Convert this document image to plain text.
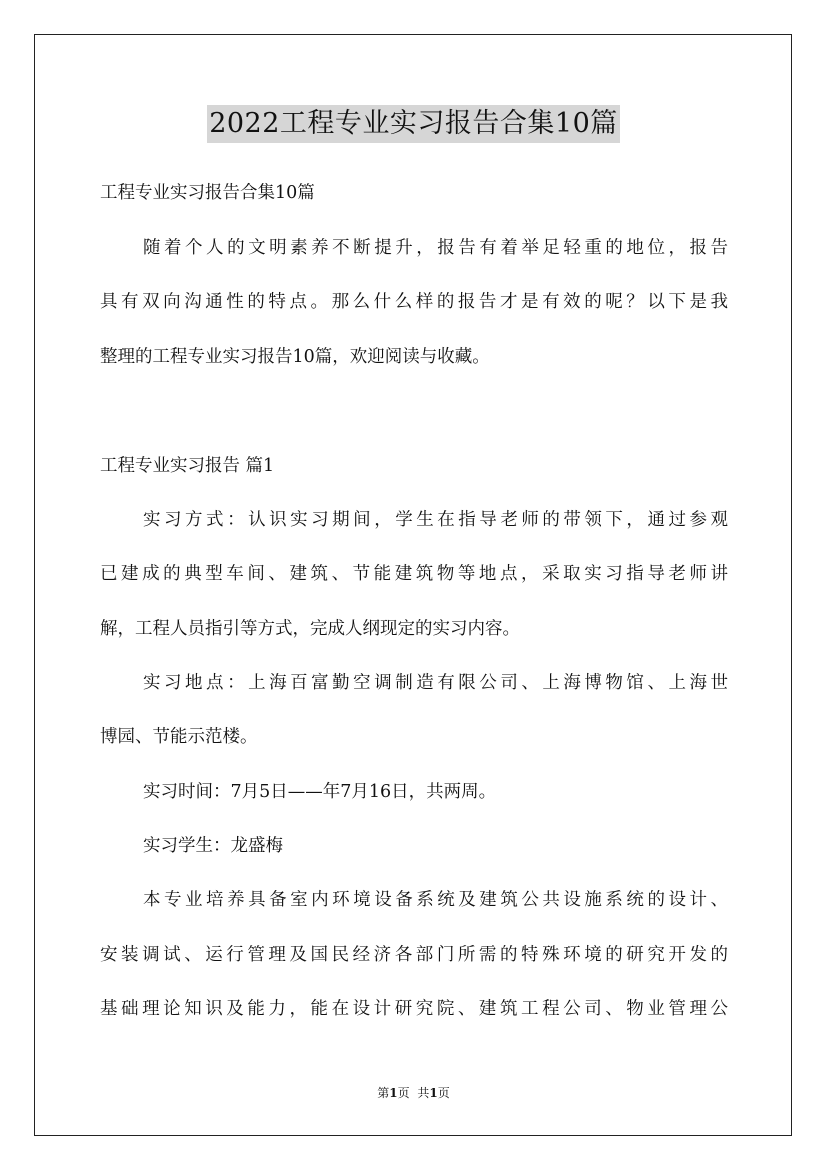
2022工程专业实习报告合集10篇

工程专业实习报告合集10篇

随着个人的文明素养不断提升，报告有着举足轻重的地位，报告

具有双向沟通性的特点。那么什么样的报告才是有效的呢？以下是我

整理的工程专业实习报告10篇，欢迎阅读与收藏。

工程专业实习报告 篇1

实习方式：认识实习期间，学生在指导老师的带领下，通过参观

已建成的典型车间、建筑、节能建筑物等地点，采取实习指导老师讲

解，工程人员指引等方式，完成人纲现定的实习内容。

实习地点：上海百富勤空调制造有限公司、上海博物馆、上海世

博园、节能示范楼。

实习时间：7月5日——年7月16日，共两周。

实习学生：龙盛梅

本专业培养具备室内环境设备系统及建筑公共设施系统的设计、

安装调试、运行管理及国民经济各部门所需的特殊环境的研究开发的

基础理论知识及能力，能在设计研究院、建筑工程公司、物业管理公

第1页 共1页
